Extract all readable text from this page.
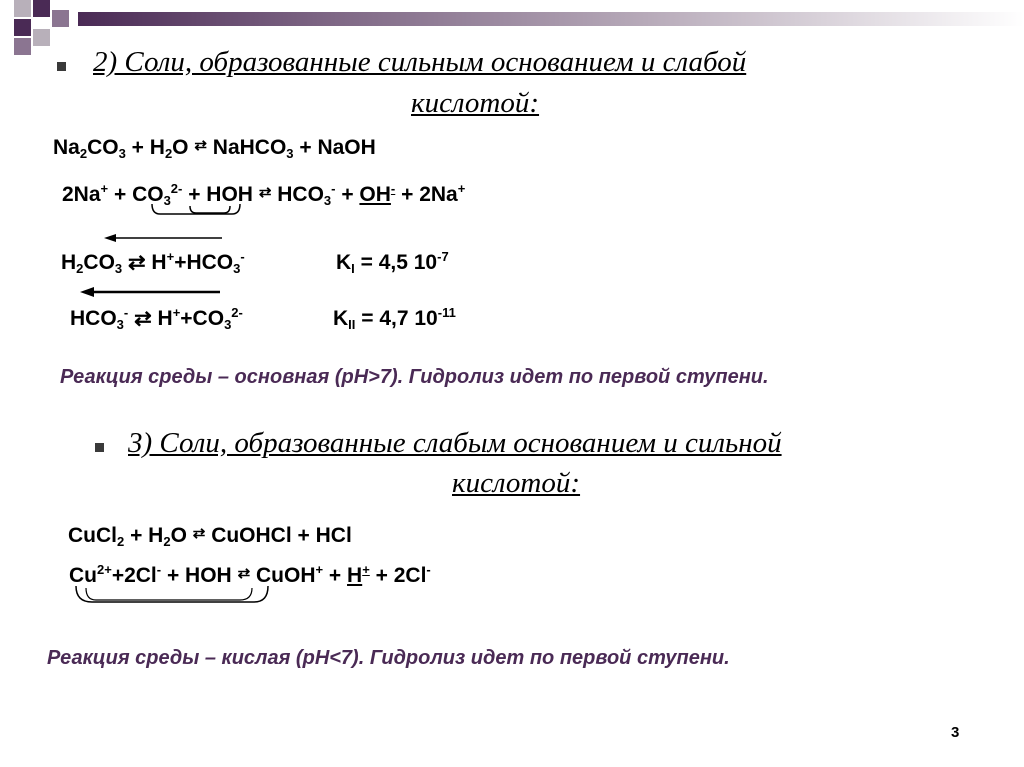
2) Соли, образованные сильным основанием и слабой
кислотой:
$Na_2CO_3 + H_2O$ ⇄ NaHCO$_3$ + NaOH
$2Na^+ + CO_3^{2-}$ + HOH ⇄ $HCO_3^- + OH^- + 2Na^+$
$H_2CO_3$ ⇄ $H^++HCO_3^-$	$K_I = 4,5$ $10^{-7}$
$HCO_3^-$ ⇄ $H^++CO_3^{2-}$	$K_{II} = 4,7$ $10^{-11}$
Реакция среды – основная (рН>7). Гидролиз идет по первой ступени.
3) Соли, образованные слабым основанием и сильной
кислотой:
CuCl$_2$ + $H_2O$ ⇄ CuOHCl + HCl
$Cu^{2+}+2Cl^-$ + HOH ⇄ CuOH+ + H+ + 2Cl-
Реакция среды – кислая (рН<7). Гидролиз идет по первой ступени.
3
